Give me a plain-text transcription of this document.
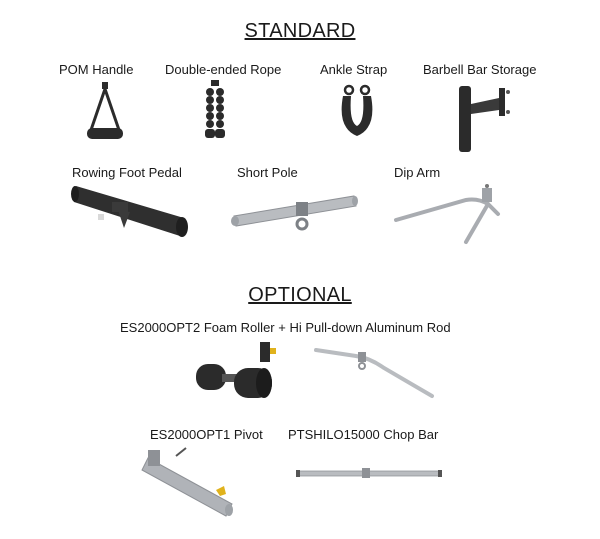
STANDARD
POM Handle Double-ended Rope	Ankle Strap	Barbell Bar Storage
Rowing Foot Pedal	Short Pole	Dip Arm
OPTIONAL
ES2000OPT2 Foam Roller + Hi Pull-down Aluminum Rod
ES2000OPT1 Pivot PTSHILO15000 Chop Bar
